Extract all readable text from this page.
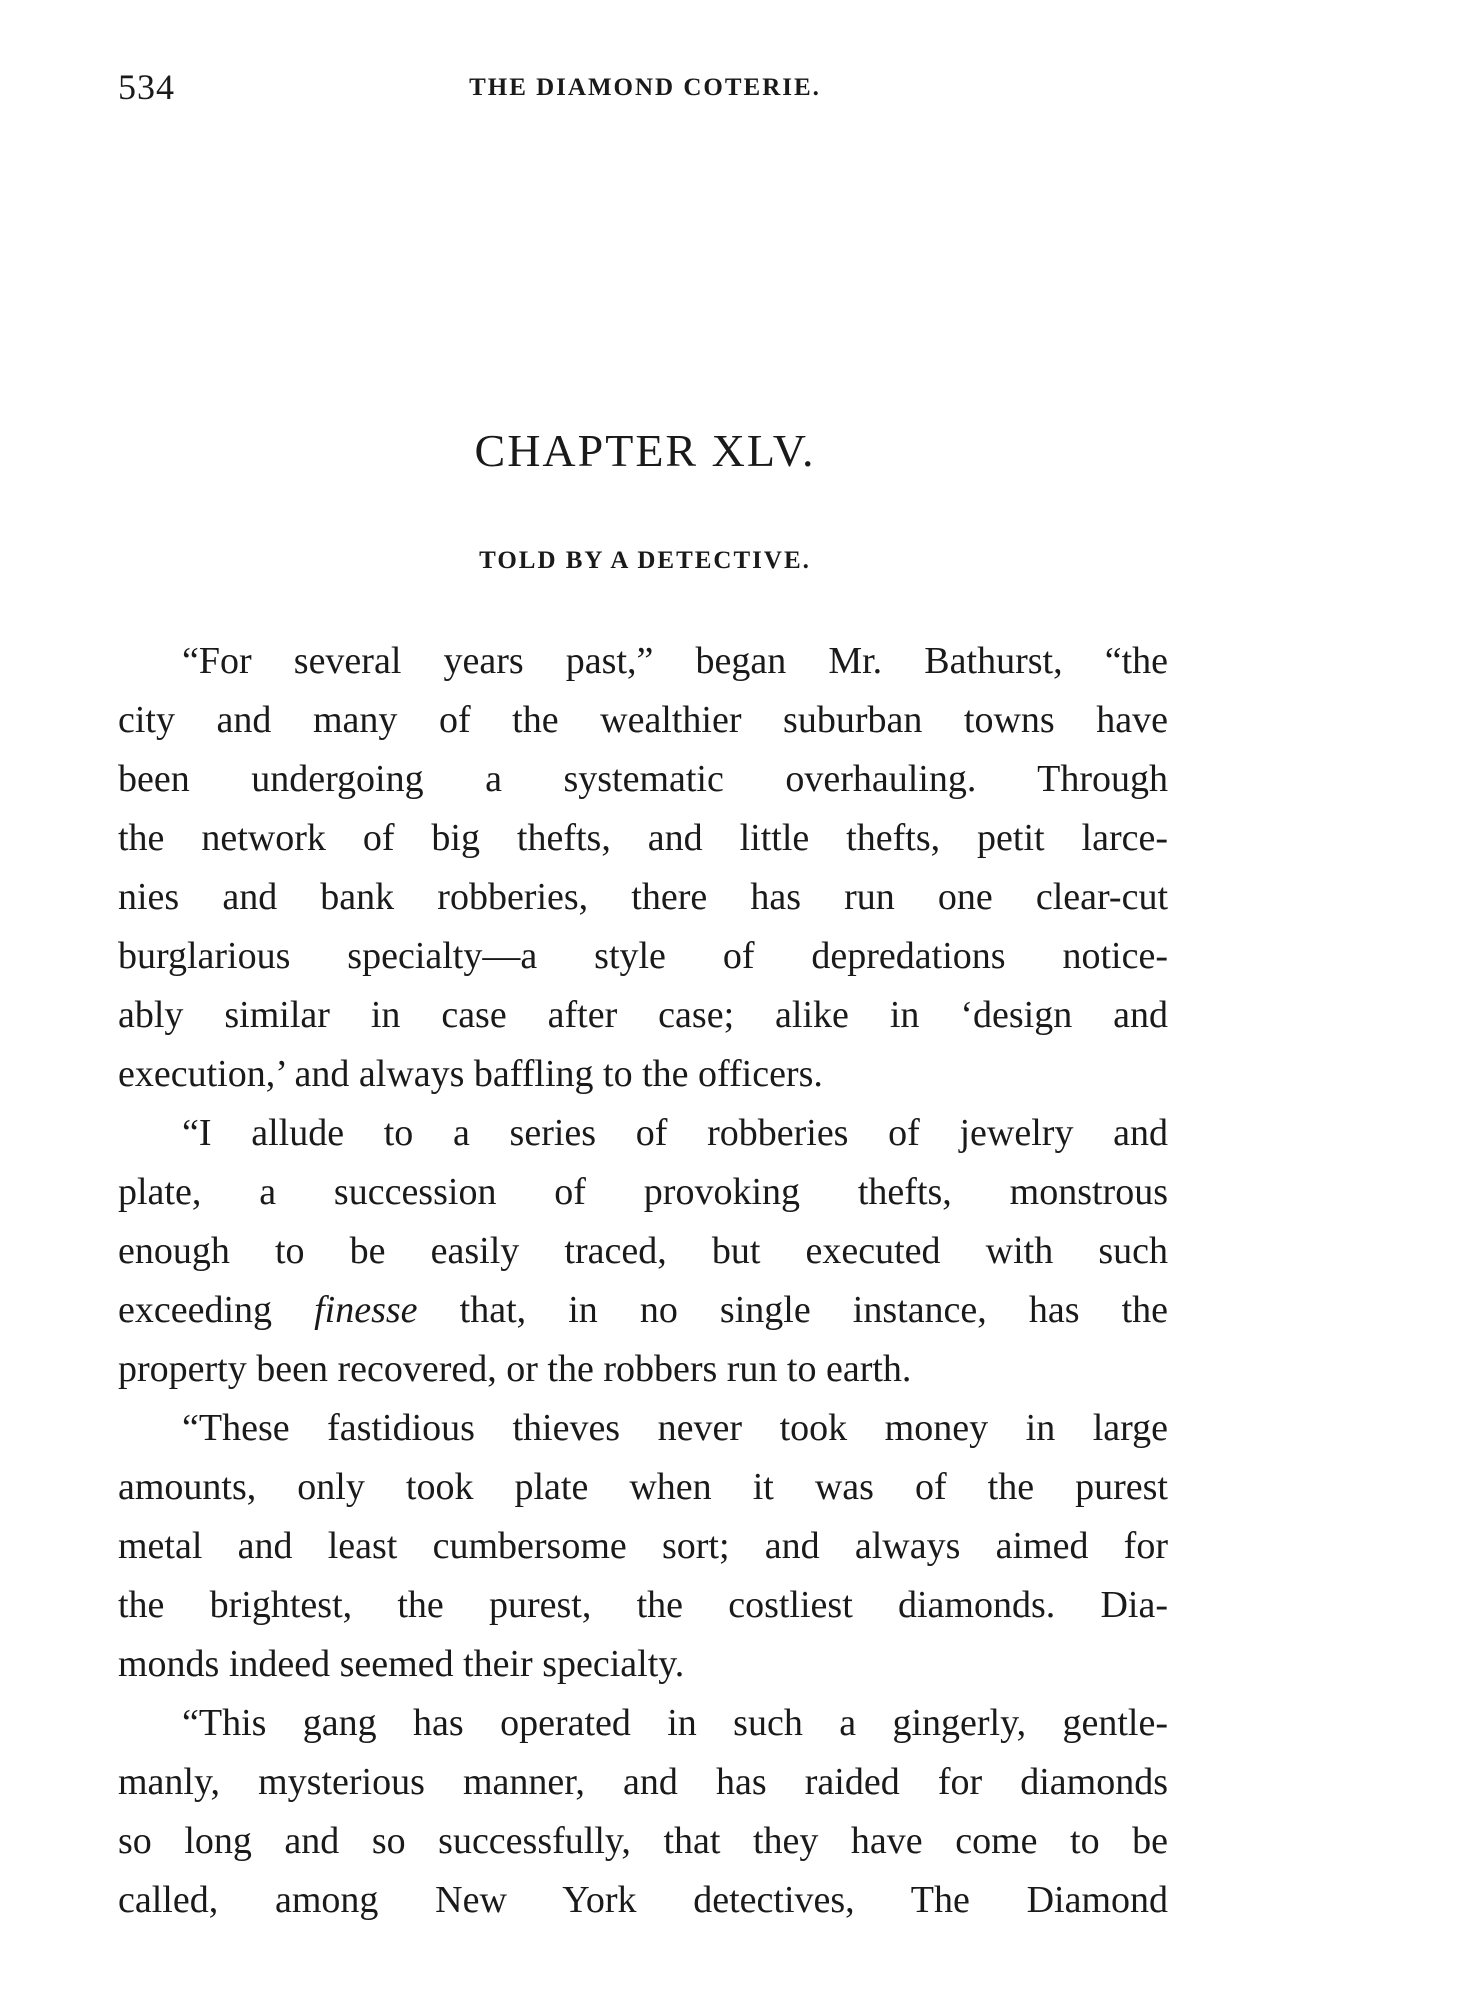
534	THE DIAMOND COTERIE.
CHAPTER XLV.
TOLD BY A DETECTIVE.
“For several years past,” began Mr. Bathurst, “the
city and many of the wealthier suburban towns have
been undergoing a systematic overhauling. Through
the network of big thefts, and little thefts, petit larce-
nies and bank robberies, there has run one clear-cut
burglarious specialty—a style of depredations notice-
ably similar in case after case; alike in ‘design and
execution,’ and always baffling to the officers.
“I allude to a series of robberies of jewelry and
plate, a succession of provoking thefts, monstrous
enough to be easily traced, but executed with such
exceeding finesse that, in no single instance, has the
property been recovered, or the robbers run to earth.
“These fastidious thieves never took money in large
amounts, only took plate when it was of the purest
metal and least cumbersome sort; and always aimed for
the brightest, the purest, the costliest diamonds. Dia-
monds indeed seemed their specialty.
“This gang has operated in such a gingerly, gentle-
manly, mysterious manner, and has raided for diamonds
so long and so successfully, that they have come to be
called, among New York detectives, The Diamond
